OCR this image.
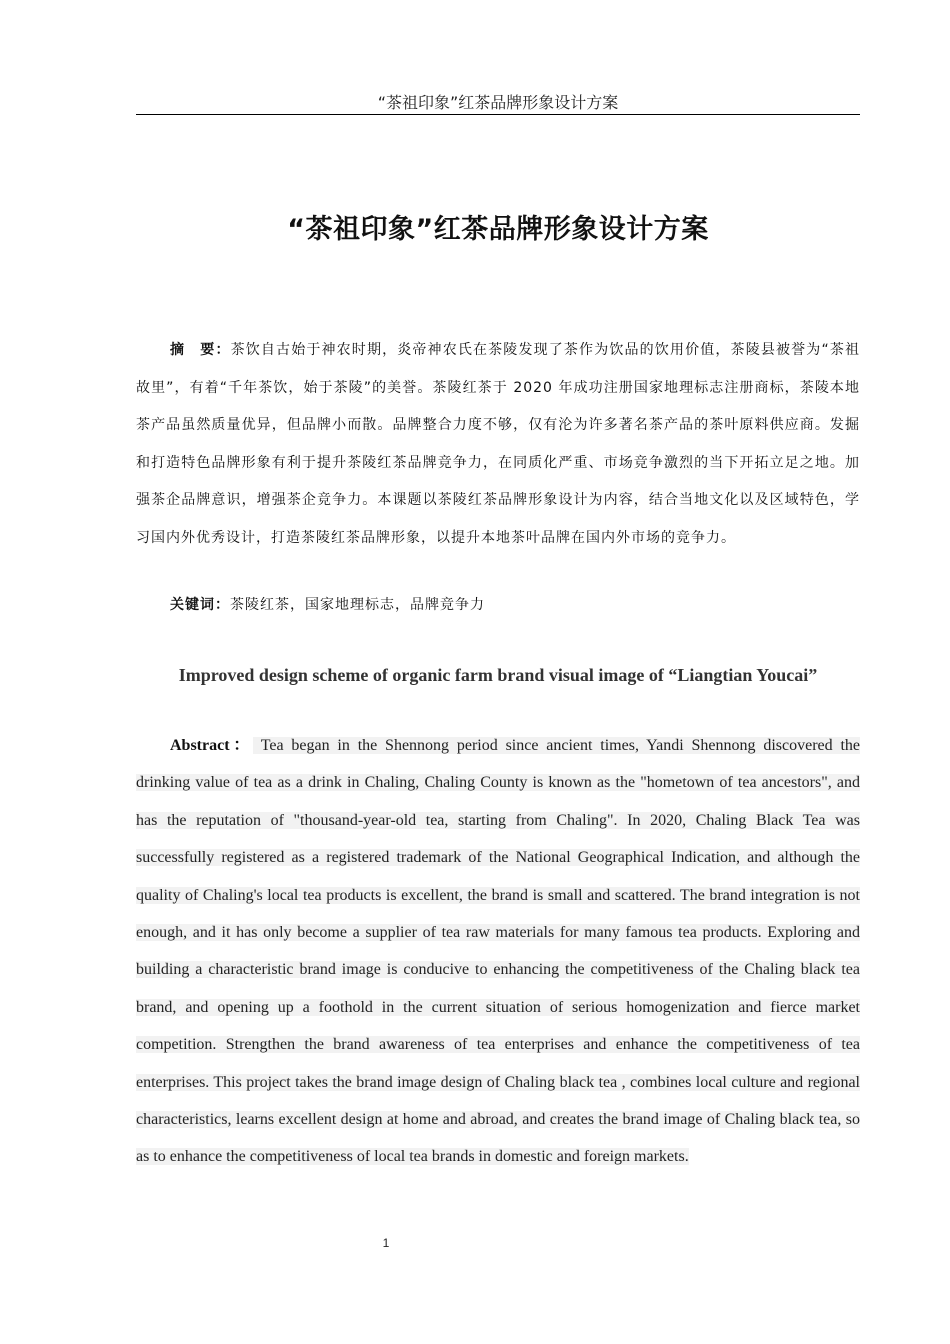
“茶祖印象”红茶品牌形象设计方案
“茶祖印象”红茶品牌形象设计方案
摘　要：茶饮自古始于神农时期，炎帝神农氏在茶陵发现了茶作为饮品的饮用价值，茶陵县被誉为“茶祖故里”，有着“千年茶饮，始于茶陵”的美誉。茶陵红茶于 2020 年成功注册国家地理标志注册商标，茶陵本地茶产品虽然质量优异，但品牌小而散。品牌整合力度不够，仅有沦为许多著名茶产品的茶叶原料供应商。发掘和打造特色品牌形象有利于提升茶陵红茶品牌竞争力，在同质化严重、市场竞争激烈的当下开拓立足之地。加强茶企品牌意识，增强茶企竞争力。本课题以茶陵红茶品牌形象设计为内容，结合当地文化以及区域特色，学习国内外优秀设计，打造茶陵红茶品牌形象，以提升本地茶叶品牌在国内外市场的竞争力。
关键词：茶陵红茶，国家地理标志，品牌竞争力
Improved design scheme of organic farm brand visual image of “Liangtian Youcai”
Abstract： Tea began in the Shennong period since ancient times, Yandi Shennong discovered the drinking value of tea as a drink in Chaling, Chaling County is known as the "hometown of tea ancestors", and has the reputation of "thousand-year-old tea, starting from Chaling". In 2020, Chaling Black Tea was successfully registered as a registered trademark of the National Geographical Indication, and although the quality of Chaling's local tea products is excellent, the brand is small and scattered. The brand integration is not enough, and it has only become a supplier of tea raw materials for many famous tea products. Exploring and building a characteristic brand image is conducive to enhancing the competitiveness of the Chaling black tea brand, and opening up a foothold in the current situation of serious homogenization and fierce market competition. Strengthen the brand awareness of tea enterprises and enhance the competitiveness of tea enterprises. This project takes the brand image design of Chaling black tea , combines local culture and regional characteristics, learns excellent design at home and abroad, and creates the brand image of Chaling black tea, so as to enhance the competitiveness of local tea brands in domestic and foreign markets.
1
